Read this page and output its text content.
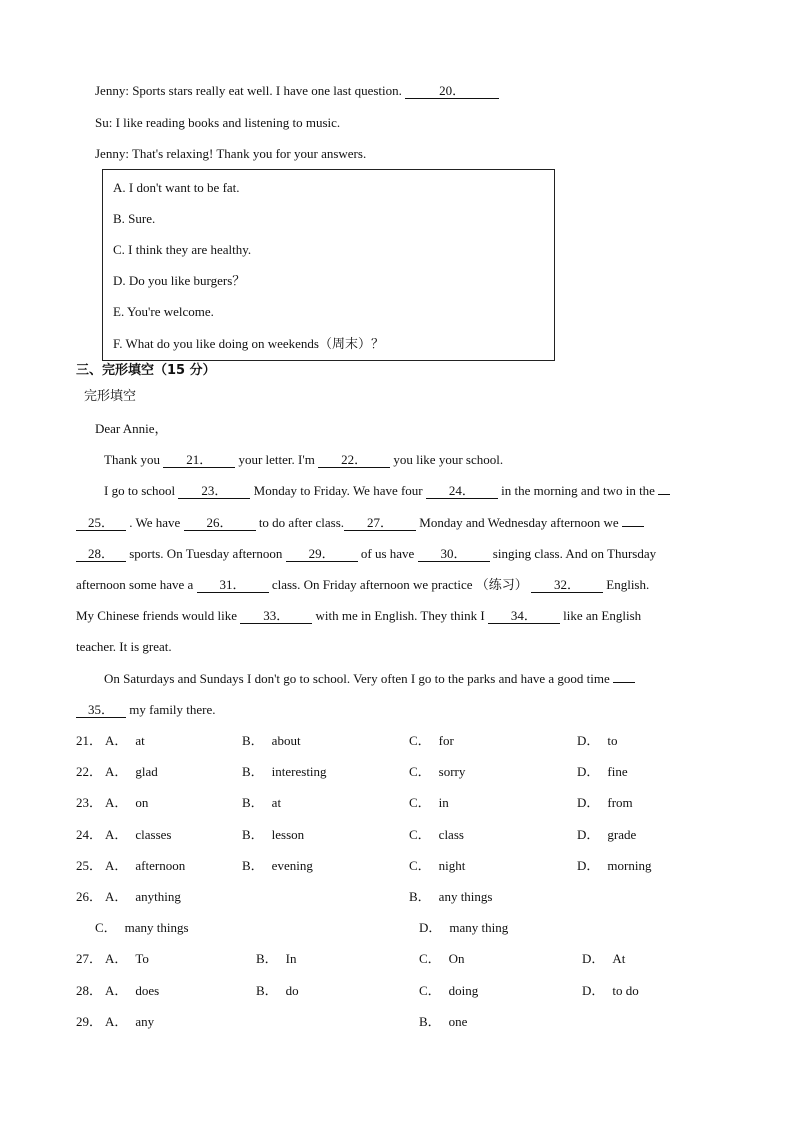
Jenny: Sports stars really eat well. I have one last question.	20．
Su: I like reading books and listening to music.
Jenny: That's relaxing! Thank you for your answers.
A. I don't want to be fat.
B. Sure.
C. I think they are healthy.
D. Do you like burgers？
E. You're welcome.
F. What do you like doing on weekends（周末）？
三、完形填空（15 分）
完形填空
Dear Annie，
Thank you 21． your letter. I'm 22． you like your school.
I go to school 23． Monday to Friday. We have four 24． in the morning and two in the
25． . We have 26． to do after class. 27． Monday and Wednesday afternoon we
28． sports. On Tuesday afternoon 29． of us have 30． singing class. And on Thursday
afternoon some have a 31． class. On Friday afternoon we practice （练习） 32． English.
My Chinese friends would like 33． with me in English. They think I 34． like an English
teacher. It is great.
On Saturdays and Sundays I don't go to school. Very often I go to the parks and have a good time
35． my family there.
21． A． at	B． about	C． for	D． to
22． A． glad	B． interesting	C． sorry	D． fine
23． A． on	B． at	C． in	D． from
24． A． classes	B． lesson	C． class	D． grade
25． A． afternoon	B． evening	C． night	D． morning
26． A． anything	B． any things
C． many things	D． many thing
27． A． To	B． In	C． On	D． At
28． A． does	B． do	C． doing	D． to do
29． A． any	B． one
